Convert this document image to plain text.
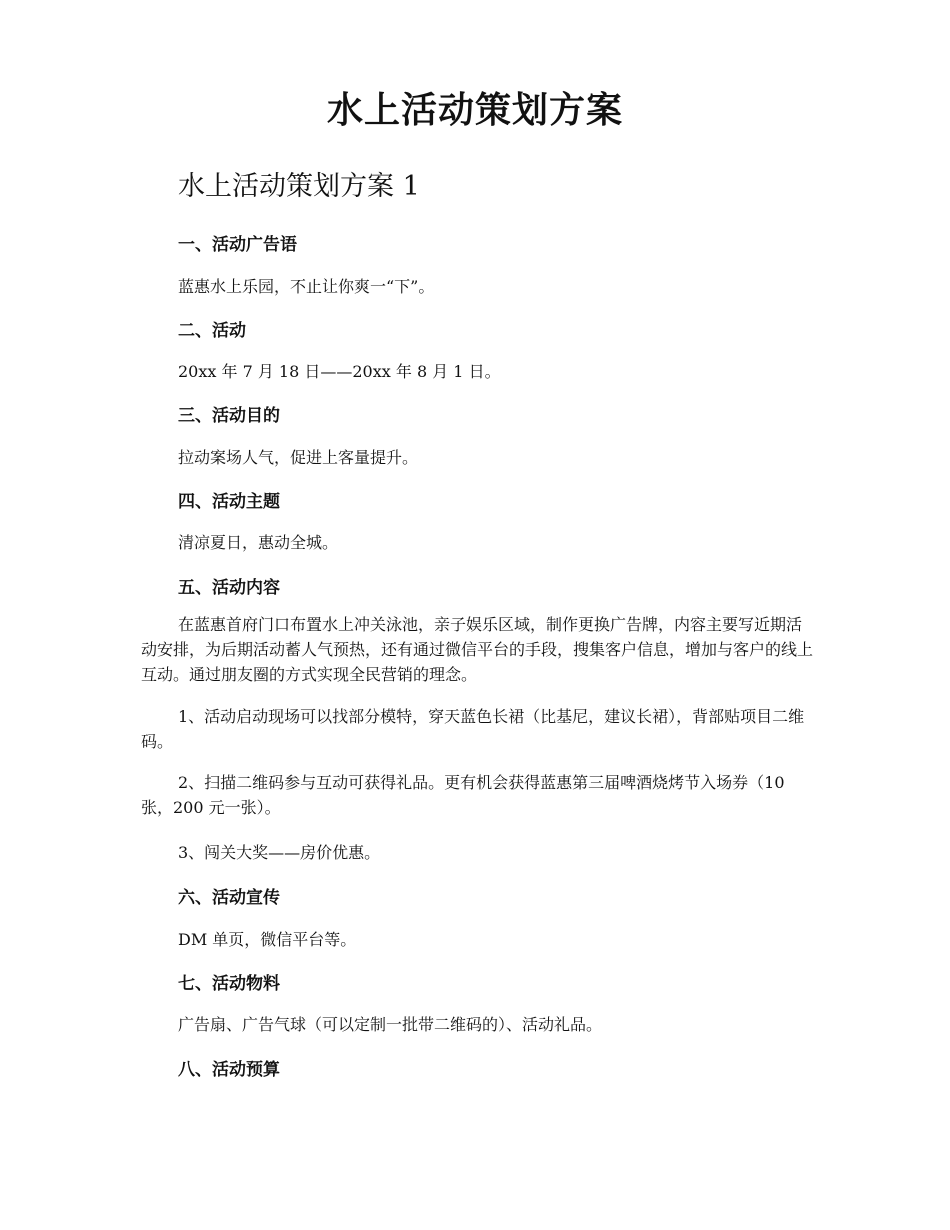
水上活动策划方案
水上活动策划方案 1
一、活动广告语
蓝惠水上乐园，不止让你爽一“下”。
二、活动
20xx 年 7 月 18 日——20xx 年 8 月 1 日。
三、活动目的
拉动案场人气，促进上客量提升。
四、活动主题
清凉夏日，惠动全城。
五、活动内容

在蓝惠首府门口布置水上冲关泳池，亲子娱乐区域，制作更换广告牌，内容主要写近期活动安排，为后期活动蓄人气预热，还有通过微信平台的手段，搜集客户信息，增加与客户的线上互动。通过朋友圈的方式实现全民营销的理念。

1、活动启动现场可以找部分模特，穿天蓝色长裙（比基尼，建议长裙），背部贴项目二维码。

2、扫描二维码参与互动可获得礼品。更有机会获得蓝惠第三届啤酒烧烤节入场券（10 张，200 元一张）。

3、闯关大奖——房价优惠。

六、活动宣传
DM 单页，微信平台等。
七、活动物料
广告扇、广告气球（可以定制一批带二维码的）、活动礼品。
八、活动预算
